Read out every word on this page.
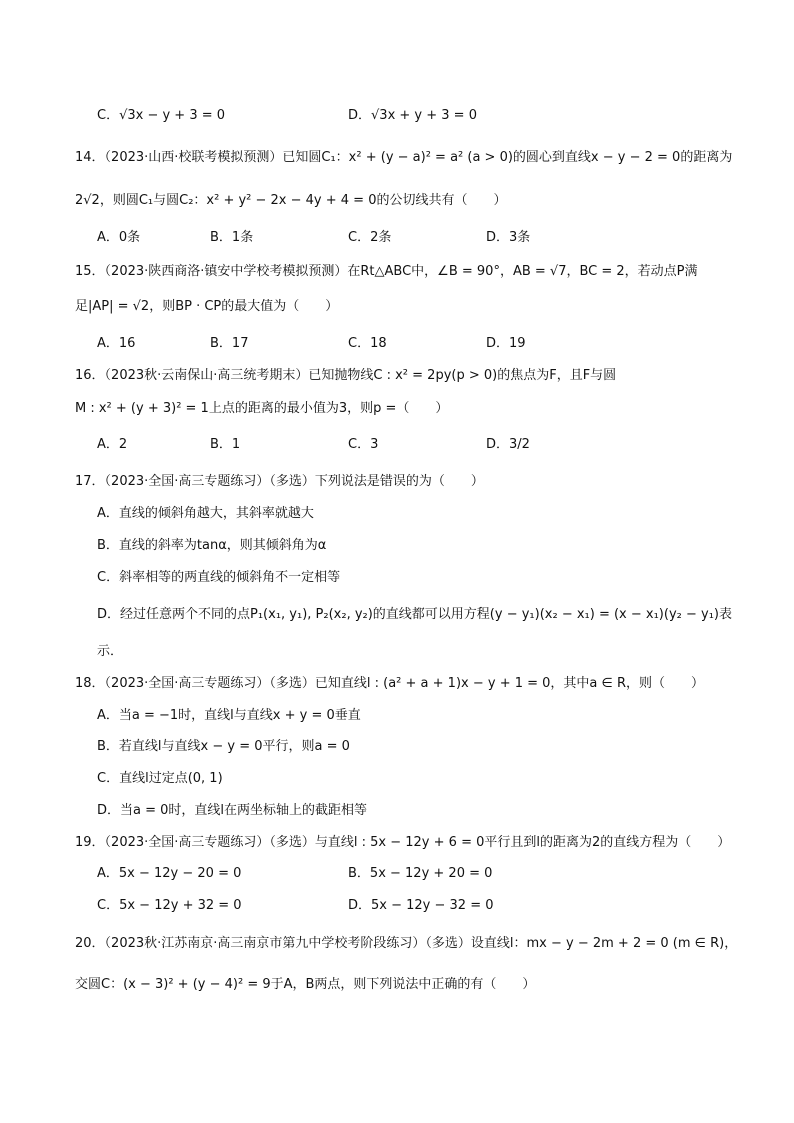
C．√3x − y + 3 = 0	D．√3x + y + 3 = 0
14．（2023·山西·校联考模拟预测）已知圆C₁：x² + (y − a)² = a² (a > 0)的圆心到直线x − y − 2 = 0的距离为
2√2，则圆C₁与圆C₂：x² + y² − 2x − 4y + 4 = 0的公切线共有（　　）
A．0条	B．1条	C．2条	D．3条
15．（2023·陕西商洛·镇安中学校考模拟预测）在Rt△ABC中，∠B = 90°，AB = √7，BC = 2，若动点P满
足|AP| = √2，则BP · CP的最大值为（　　）
A．16	B．17	C．18	D．19
16．（2023秋·云南保山·高三统考期末）已知抛物线C : x² = 2py(p > 0)的焦点为F，且F与圆
M : x² + (y + 3)² = 1上点的距离的最小值为3，则p =（　　）
A．2	B．1	C．3	D．3/2
17．（2023·全国·高三专题练习）（多选）下列说法是错误的为（　　）
A．直线的倾斜角越大，其斜率就越大
B．直线的斜率为tanα，则其倾斜角为α
C．斜率相等的两直线的倾斜角不一定相等
D．经过任意两个不同的点P₁(x₁, y₁), P₂(x₂, y₂)的直线都可以用方程(y − y₁)(x₂ − x₁) = (x − x₁)(y₂ − y₁)表
示．
18．（2023·全国·高三专题练习）（多选）已知直线l : (a² + a + 1)x − y + 1 = 0，其中a ∈ R，则（　　）
A．当a = −1时，直线l与直线x + y = 0垂直
B．若直线l与直线x − y = 0平行，则a = 0
C．直线l过定点(0, 1)
D．当a = 0时，直线l在两坐标轴上的截距相等
19．（2023·全国·高三专题练习）（多选）与直线l : 5x − 12y + 6 = 0平行且到l的距离为2的直线方程为（　　）
A．5x − 12y − 20 = 0	B．5x − 12y + 20 = 0
C．5x − 12y + 32 = 0	D．5x − 12y − 32 = 0
20．（2023秋·江苏南京·高三南京市第九中学校考阶段练习）（多选）设直线l：mx − y − 2m + 2 = 0 (m ∈ R)，
交圆C：(x − 3)² + (y − 4)² = 9于A，B两点，则下列说法中正确的有（　　）
